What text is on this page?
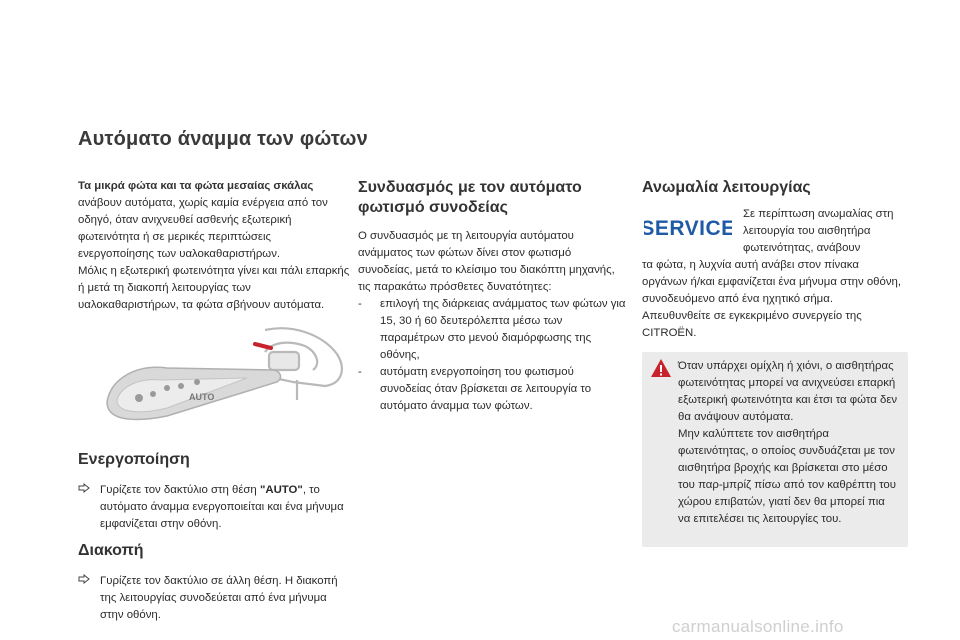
Αυτόματο άναμμα των φώτων
Τα μικρά φώτα και τα φώτα μεσαίας σκάλας

ανάβουν αυτόματα, χωρίς καμία ενέργεια από τον οδηγό, όταν ανιχνευθεί ασθενής εξωτερική φωτεινότητα ή σε μερικές περιπτώσεις ενεργοποίησης των υαλοκαθαριστήρων.

Μόλις η εξωτερική φωτεινότητα γίνει και πάλι επαρκής ή μετά τη διακοπή λειτουργίας των υαλοκαθαριστήρων, τα φώτα σβήνουν αυτόματα.

AUTO
Ενεργοποίηση

Γυρίζετε τον δακτύλιο στη θέση "AUTO", το αυτόματο άναμμα ενεργοποιείται και ένα μήνυμα εμφανίζεται στην οθόνη.

Διακοπή

Γυρίζετε τον δακτύλιο σε άλλη θέση. Η διακοπή της λειτουργίας συνοδεύεται από ένα μήνυμα στην οθόνη.

Συνδυασμός με τον αυτόματο φωτισμό συνοδείας

Ο συνδυασμός με τη λειτουργία αυτόματου ανάμματος των φώτων δίνει στον φωτισμό συνοδείας, μετά το κλείσιμο του διακόπτη μηχανής, τις παρακάτω πρόσθετες δυνατότητες:

- επιλογή της διάρκειας ανάμματος των φώτων για 15, 30 ή 60 δευτερόλεπτα μέσω των παραμέτρων στο μενού διαμόρφωσης της οθόνης,

- αυτόματη ενεργοποίηση του φωτισμού συνοδείας όταν βρίσκεται σε λειτουργία το αυτόματο άναμμα των φώτων.

Ανωμαλία λειτουργίας
SERVICE
Σε περίπτωση ανωμαλίας στη λειτουργία του αισθητήρα φωτεινότητας, ανάβουν

τα φώτα, η λυχνία αυτή ανάβει στον πίνακα οργάνων ή/και εμφανίζεται ένα μήνυμα στην οθόνη, συνοδευόμενο από ένα ηχητικό σήμα.

Απευθυνθείτε σε εγκεκριμένο συνεργείο της CITROËN.

Όταν υπάρχει ομίχλη ή χιόνι, ο αισθητήρας φωτεινότητας μπορεί να ανιχνεύσει επαρκή εξωτερική φωτεινότητα και έτσι τα φώτα δεν θα ανάψουν αυτόματα.

Μην καλύπτετε τον αισθητήρα φωτεινότητας, ο οποίος συνδυάζεται με τον αισθητήρα βροχής και βρίσκεται στο μέσο του παρ-μπρίζ πίσω από τον καθρέπτη του χώρου επιβατών, γιατί δεν θα μπορεί πια να επιτελέσει τις λειτουργίες του.

carmanualsonline.info
